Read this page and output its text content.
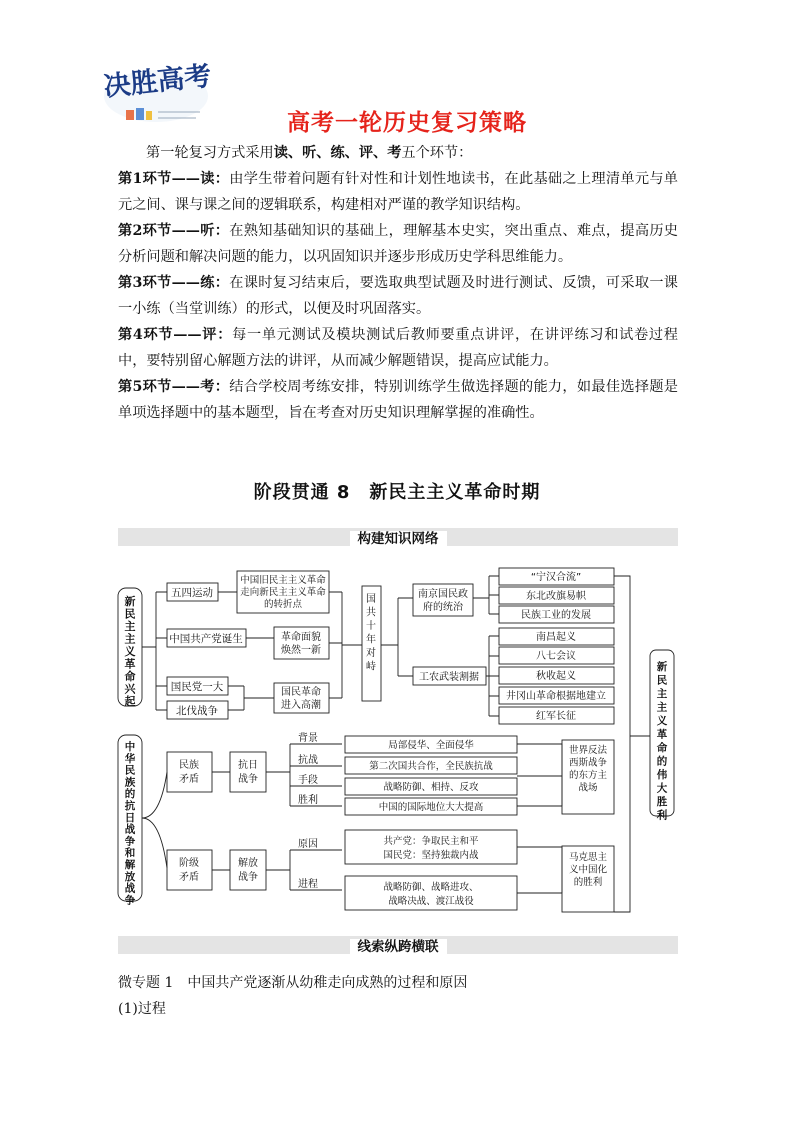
决胜高考
高考一轮历史复习策略
第一轮复习方式采用读、听、练、评、考五个环节：
第1环节——读：由学生带着问题有针对性和计划性地读书，在此基础之上理清单元与单元之间、课与课之间的逻辑联系，构建相对严谨的教学知识结构。
第2环节——听：在熟知基础知识的基础上，理解基本史实，突出重点、难点，提高历史分析问题和解决问题的能力，以巩固知识并逐步形成历史学科思维能力。
第3环节——练：在课时复习结束后，要选取典型试题及时进行测试、反馈，可采取一课一小练（当堂训练）的形式，以便及时巩固落实。
第4环节——评：每一单元测试及模块测试后教师要重点讲评，在讲评练习和试卷过程中，要特别留心解题方法的讲评，从而减少解题错误，提高应试能力。
第5环节——考：结合学校周考练安排，特别训练学生做选择题的能力，如最佳选择题是单项选择题中的基本题型，旨在考查对历史知识理解掌握的准确性。
阶段贯通 8　新民主主义革命时期
构建知识网络
五四运动
中国共产党诞生
国民党一大
北伐战争
工农武装割据
“宁汉合流”
东北改旗易帜
民族工业的发展
南昌起义
八七会议
秋收起义
井冈山革命根据地建立
红军长征
背景
抗战
手段
胜利
原因
进程
局部侵华、全面侵华
第二次国共合作，全民族抗战
战略防御、相持、反攻
中国的国际地位大大提高
共产党：争取民主和平
国民党：坚持独裁内战
战略防御、战略进攻、
战略决战、渡江战役
新民主主义革命兴起
中华民族的抗日战争和解放战争
国共十年对峙	新民主主义革命的伟大胜利
中国旧民主主义革命走向新民主主义革命的转折点
革命面貌焕然一新
国民革命进入高潮
南京国民政府的统治
民族矛盾
抗日战争
阶级矛盾
解放战争
世界反法西斯战争的东方主战场
马克思主义中国化的胜利
线索纵跨横联
微专题 1　中国共产党逐渐从幼稚走向成熟的过程和原因
(1)过程
